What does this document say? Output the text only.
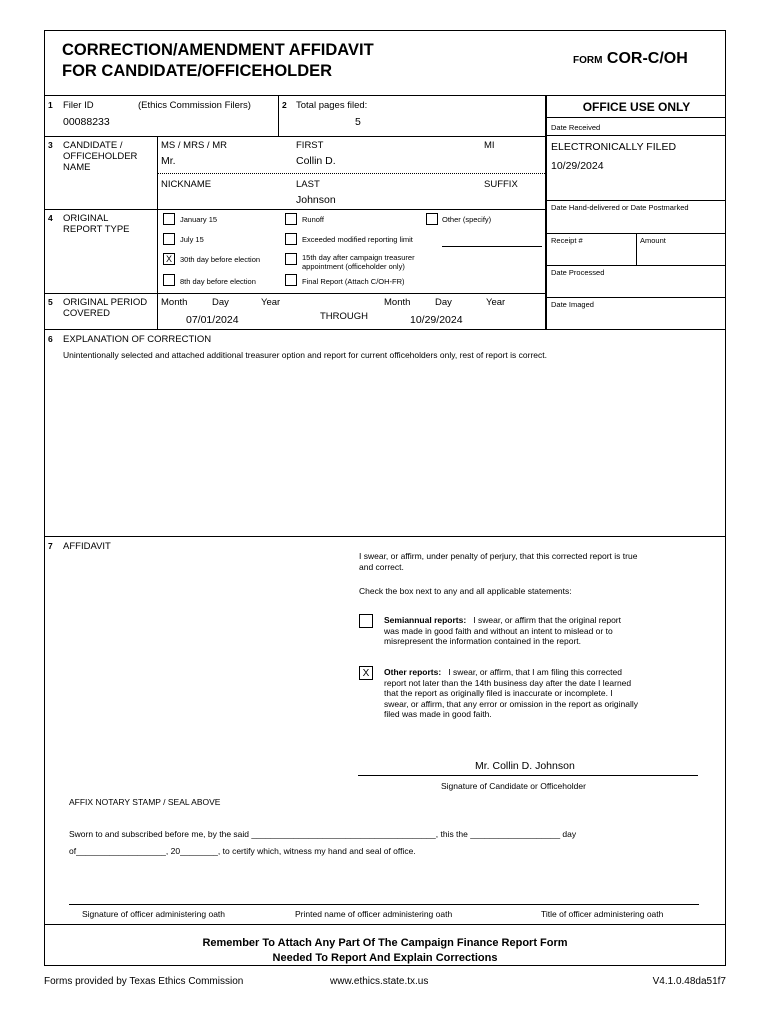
CORRECTION/AMENDMENT AFFIDAVIT
FOR CANDIDATE/OFFICEHOLDER
FORM COR-C/OH
1 Filer ID	(Ethics Commission Filers)
00088233
2 Total pages filed:
5
OFFICE USE ONLY
Date Received
ELECTRONICALLY FILED
10/29/2024
Date Hand-delivered or Date Postmarked
Receipt #	Amount
Date Processed
Date Imaged
3 CANDIDATE /
OFFICEHOLDER
NAME
MS / MRS / MR
Mr.
FIRST
Collin D.
MI
NICKNAME	LAST
Johnson
SUFFIX
4 ORIGINAL
REPORT TYPE
January 15
July 15
X	30th day before election
8th day before election
Runoff
Exceeded modified reporting limit
15th day after campaign treasurer
appointment (officeholder only)
Final Report (Attach C/OH-FR)
Other (specify)
5 ORIGINAL PERIOD
COVERED
Month	Day	Year
07/01/2024	THROUGH
Month	Day	Year
10/29/2024
6 EXPLANATION OF CORRECTION
Unintentionally selected and attached additional treasurer option and report for current officeholders only, rest of report is correct.
7 AFFIDAVIT
I swear, or affirm, under penalty of perjury, that this corrected report is true
and correct.
Check the box next to any and all applicable statements:
Semiannual reports: I swear, or affirm that the original report
was made in good faith and without an intent to mislead or to
misrepresent the information contained in the report.
X	Other reports: I swear, or affirm, that I am filing this corrected
report not later than the 14th business day after the date I learned
that the report as originally filed is inaccurate or incomplete. I
swear, or affirm, that any error or omission in the report as originally
filed was made in good faith.
Mr. Collin D. Johnson
Signature of Candidate or Officeholder
AFFIX NOTARY STAMP / SEAL ABOVE
Sworn to and subscribed before me, by the said _______________________________________, this the ___________________ day
of___________________, 20________, to certify which, witness my hand and seal of office.
Signature of officer administering oath	Printed name of officer administering oath	Title of officer administering oath
Remember To Attach Any Part Of The Campaign Finance Report Form
Needed To Report And Explain Corrections
Forms provided by Texas Ethics Commission	www.ethics.state.tx.us	V4.1.0.48da51f7
